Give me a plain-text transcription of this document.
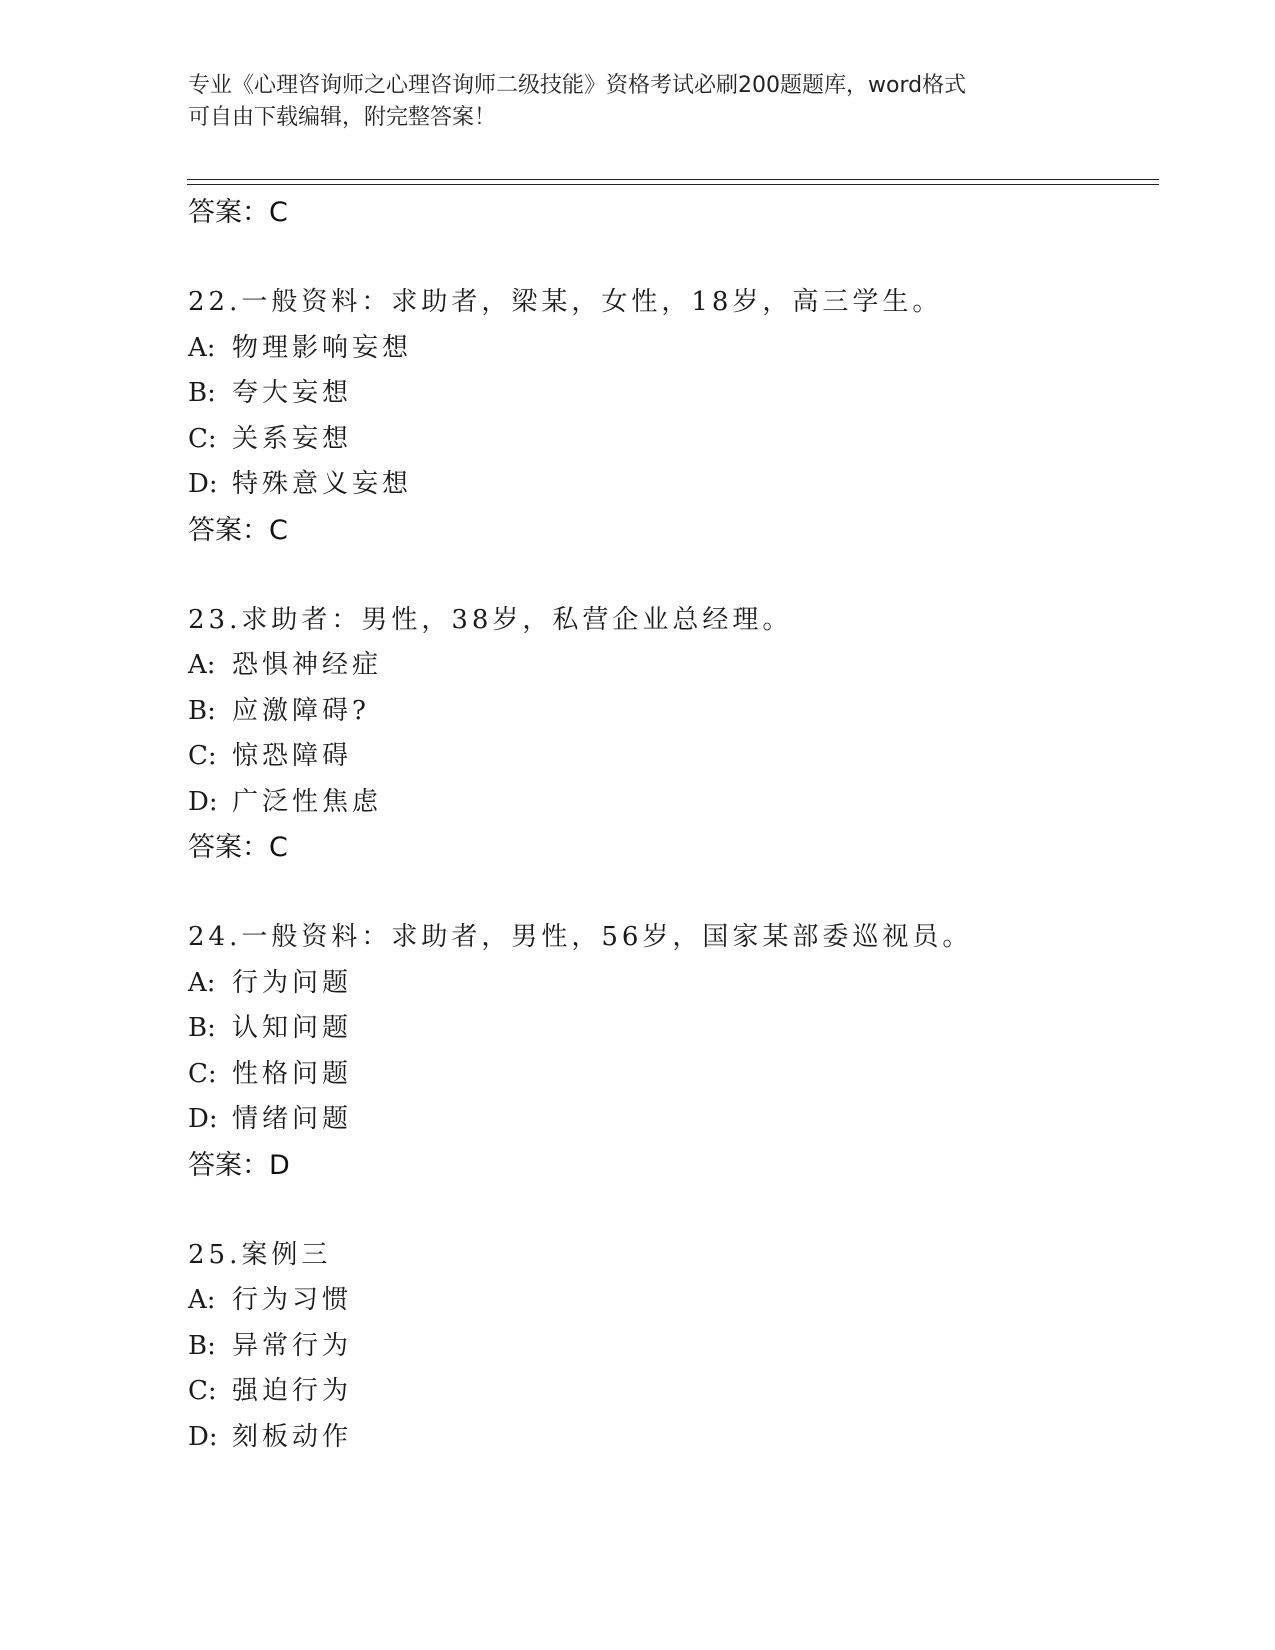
专业《心理咨询师之心理咨询师二级技能》资格考试必刷200题题库，word格式
可自由下载编辑，附完整答案！
答案：C
22.一般资料：求助者，梁某，女性，18岁，高三学生。
A: 物理影响妄想
B: 夸大妄想
C: 关系妄想
D: 特殊意义妄想
答案：C
23.求助者：男性，38岁，私营企业总经理。
A: 恐惧神经症
B: 应激障碍?
C: 惊恐障碍
D: 广泛性焦虑
答案：C
24.一般资料：求助者，男性，56岁，国家某部委巡视员。
A: 行为问题
B: 认知问题
C: 性格问题
D: 情绪问题
答案：D
25.案例三
A: 行为习惯
B: 异常行为
C: 强迫行为
D: 刻板动作
